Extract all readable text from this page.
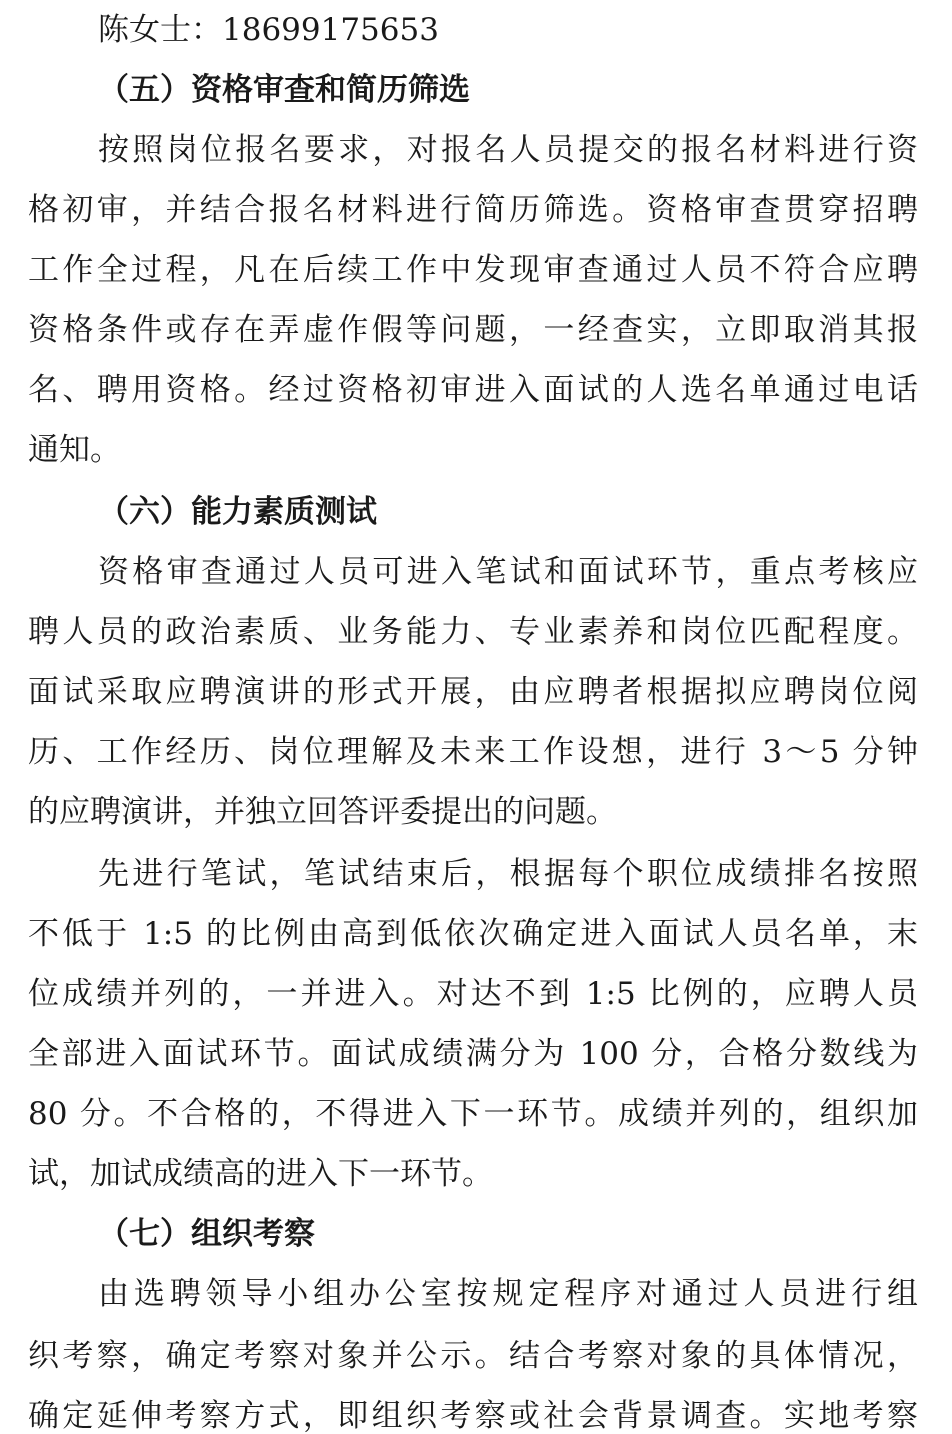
陈女士：18699175653
（五）资格审查和简历筛选
按照岗位报名要求，对报名人员提交的报名材料进行资
格初审，并结合报名材料进行简历筛选。资格审查贯穿招聘
工作全过程，凡在后续工作中发现审查通过人员不符合应聘
资格条件或存在弄虚作假等问题，一经查实，立即取消其报
名、聘用资格。经过资格初审进入面试的人选名单通过电话
通知。
（六）能力素质测试
资格审查通过人员可进入笔试和面试环节，重点考核应
聘人员的政治素质、业务能力、专业素养和岗位匹配程度。
面试采取应聘演讲的形式开展，由应聘者根据拟应聘岗位阅
历、工作经历、岗位理解及未来工作设想，进行 3～5 分钟
的应聘演讲，并独立回答评委提出的问题。
先进行笔试，笔试结束后，根据每个职位成绩排名按照
不低于 1:5 的比例由高到低依次确定进入面试人员名单，末
位成绩并列的，一并进入。对达不到 1:5 比例的，应聘人员
全部进入面试环节。面试成绩满分为 100 分，合格分数线为
80 分。不合格的，不得进入下一环节。成绩并列的，组织加
试，加试成绩高的进入下一环节。
（七）组织考察
由选聘领导小组办公室按规定程序对通过人员进行组
织考察，确定考察对象并公示。结合考察对象的具体情况，
确定延伸考察方式，即组织考察或社会背景调查。实地考察
